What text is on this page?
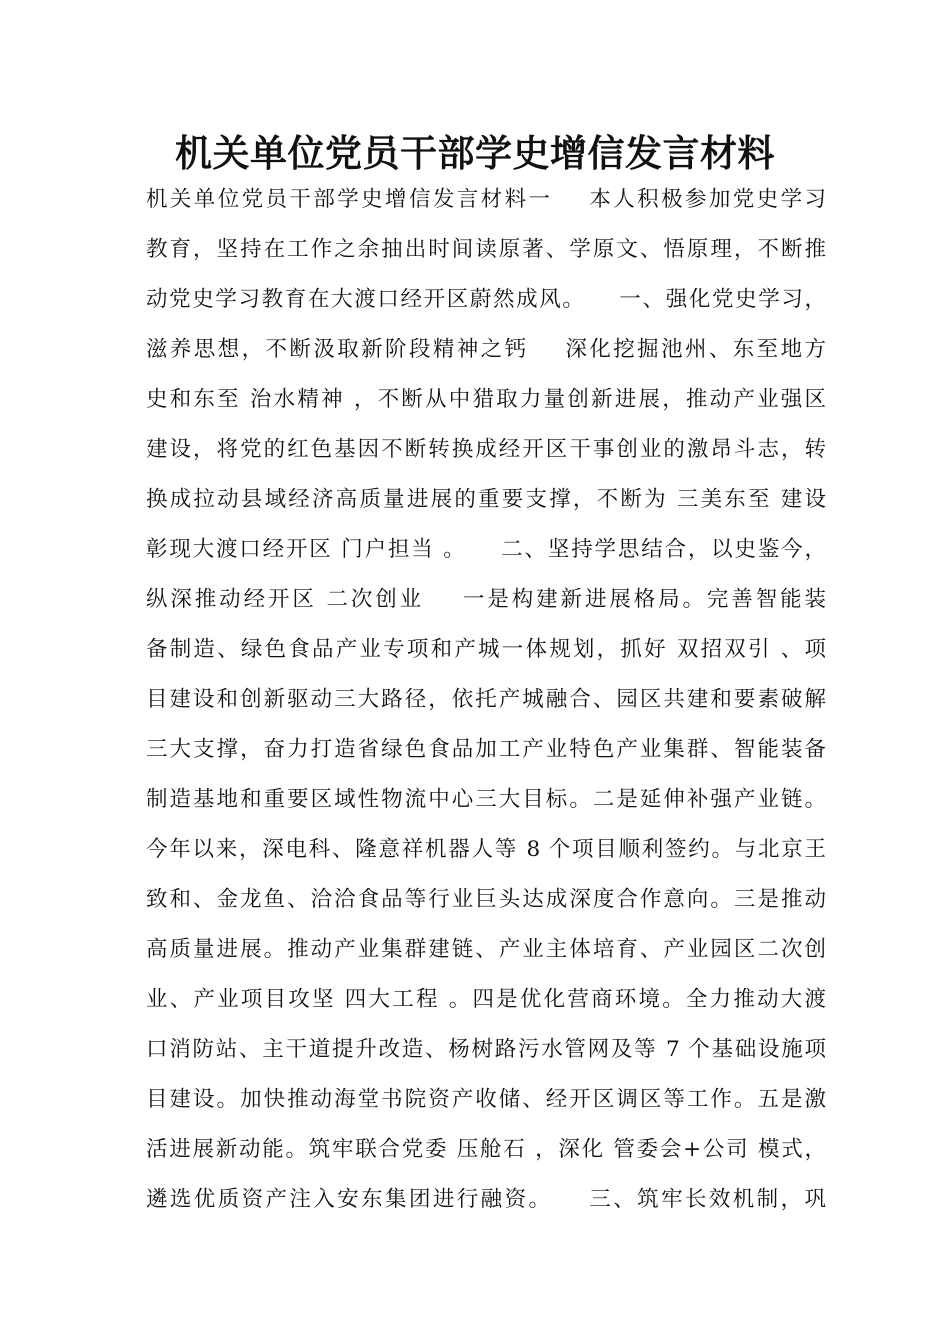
机关单位党员干部学史增信发言材料
机关单位党员干部学史增信发言材料一    本人积极参加党史学习
教育，坚持在工作之余抽出时间读原著、学原文、悟原理，不断推
动党史学习教育在大渡口经开区蔚然成风。    一、强化党史学习，
滋养思想，不断汲取新阶段精神之钙    深化挖掘池州、东至地方
史和东至 治水精神 ，不断从中猎取力量创新进展，推动产业强区
建设，将党的红色基因不断转换成经开区干事创业的激昂斗志，转
换成拉动县域经济高质量进展的重要支撑，不断为 三美东至 建设
彰现大渡口经开区 门户担当 。    二、坚持学思结合，以史鉴今，
纵深推动经开区 二次创业    一是构建新进展格局。完善智能装
备制造、绿色食品产业专项和产城一体规划，抓好 双招双引 、项
目建设和创新驱动三大路径，依托产城融合、园区共建和要素破解
三大支撑，奋力打造省绿色食品加工产业特色产业集群、智能装备
制造基地和重要区域性物流中心三大目标。二是延伸补强产业链。
今年以来，深电科、隆意祥机器人等 8 个项目顺利签约。与北京王
致和、金龙鱼、洽洽食品等行业巨头达成深度合作意向。三是推动
高质量进展。推动产业集群建链、产业主体培育、产业园区二次创
业、产业项目攻坚 四大工程 。四是优化营商环境。全力推动大渡
口消防站、主干道提升改造、杨树路污水管网及等 7 个基础设施项
目建设。加快推动海堂书院资产收储、经开区调区等工作。五是激
活进展新动能。筑牢联合党委 压舱石 ，深化 管委会+公司 模式，
遴选优质资产注入安东集团进行融资。    三、筑牢长效机制，巩
